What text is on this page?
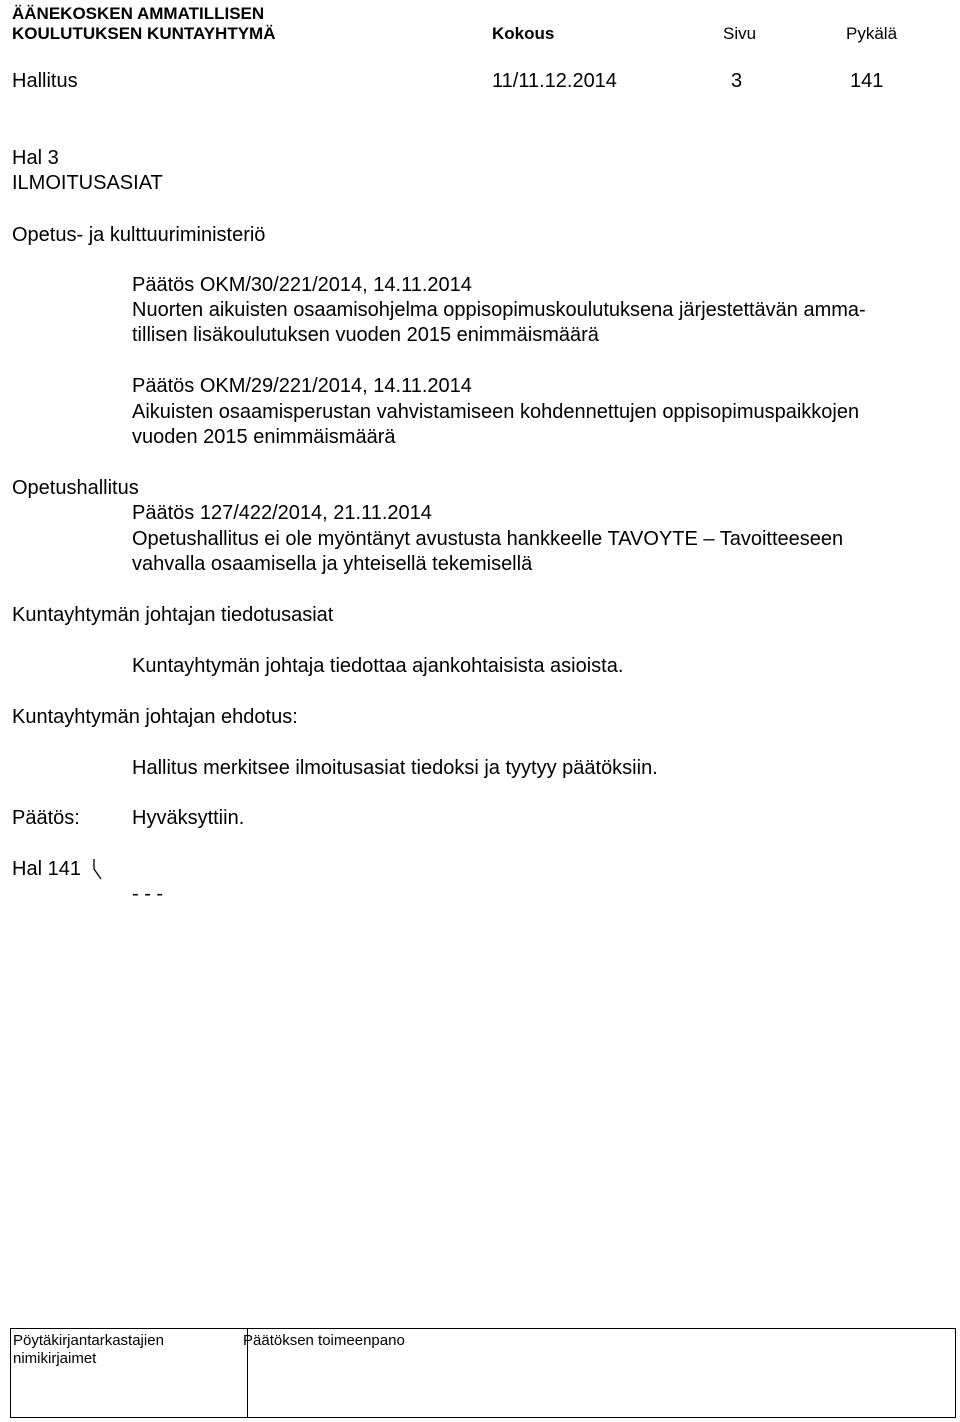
ÄÄNEKOSKEN AMMATILLISEN
KOULUTUKSEN KUNTAYHTYMÄ	Kokous	Sivu	Pykälä
Hallitus	11/11.12.2014	3	141
Hal 3
ILMOITUSASIAT
Opetus- ja kulttuuriministeriö
Päätös OKM/30/221/2014, 14.11.2014
Nuorten aikuisten osaamisohjelma oppisopimuskoulutuksena järjestettävän amma-
tillisen lisäkoulutuksen vuoden 2015 enimmäismäärä
Päätös OKM/29/221/2014, 14.11.2014
Aikuisten osaamisperustan vahvistamiseen kohdennettujen oppisopimuspaikkojen
vuoden 2015 enimmäismäärä
Opetushallitus
Päätös 127/422/2014, 21.11.2014
Opetushallitus ei ole myöntänyt avustusta hankkeelle TAVOYTE – Tavoitteeseen
vahvalla osaamisella ja yhteisellä tekemisellä
Kuntayhtymän johtajan tiedotusasiat
Kuntayhtymän johtaja tiedottaa ajankohtaisista asioista.
Kuntayhtymän johtajan ehdotus:
Hallitus merkitsee ilmoitusasiat tiedoksi ja tyytyy päätöksiin.
Päätös:	Hyväksyttiin.
Hal 141
- - -
Pöytäkirjantarkastajien
nimikirjaimet
Päätöksen toimeenpano
